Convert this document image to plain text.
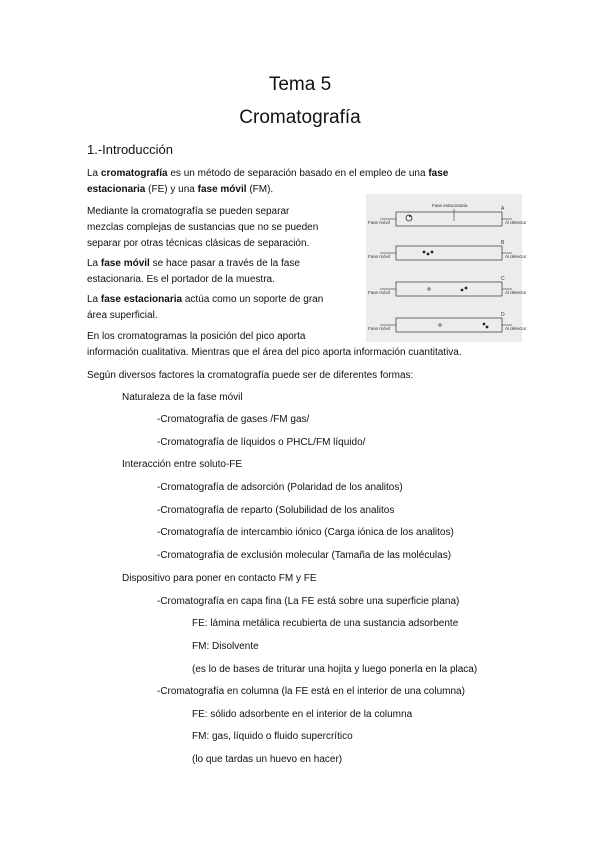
Tema 5
Cromatografía
1.-Introducción
La cromatografía es un método de separación basado en el empleo de una fase
estacionaria (FE) y una fase móvil (FM).
Mediante la cromatografía se pueden separar
mezclas complejas de sustancias que no se pueden
separar por otras técnicas clásicas de separación.
La fase móvil se hace pasar a través de la fase
estacionaria. Es el portador de la muestra.
La fase estacionaria actúa como un soporte de gran
área superficial.
En los cromatogramas la posición del pico aporta
información cualitativa. Mientras que el área del pico aporta información cuantitativa.
Según diversos factores la cromatografía puede ser de diferentes formas:
Fase estacionaria
Fase móvil	Al detector
A
Fase móvil	Al detector
B
Fase móvil	Al detector
C
Fase móvil	Al detector
D
Naturaleza de la fase móvil
-Cromatografía de gases /FM gas/
-Cromatografía de líquidos o PHCL/FM líquido/
Interacción entre soluto-FE
-Cromatografía de adsorción (Polaridad de los analitos)
-Cromatografía de reparto (Solubilidad de los analitos
-Cromatografía de intercambio iónico (Carga iónica de los analitos)
-Cromatografía de exclusión molecular (Tamaña de las moléculas)
Dispositivo para poner en contacto FM y FE
-Cromatografía en capa fina (La FE está sobre una superficie plana)
FE: lámina metálica recubierta de una sustancia adsorbente
FM: Disolvente
(es lo de bases de triturar una hojita y luego ponerla en la placa)
-Cromatografía en columna (la FE está en el interior de una columna)
FE: sólido adsorbente en el interior de la columna
FM: gas, líquido o fluido supercrítico
(lo que tardas un huevo en hacer)
